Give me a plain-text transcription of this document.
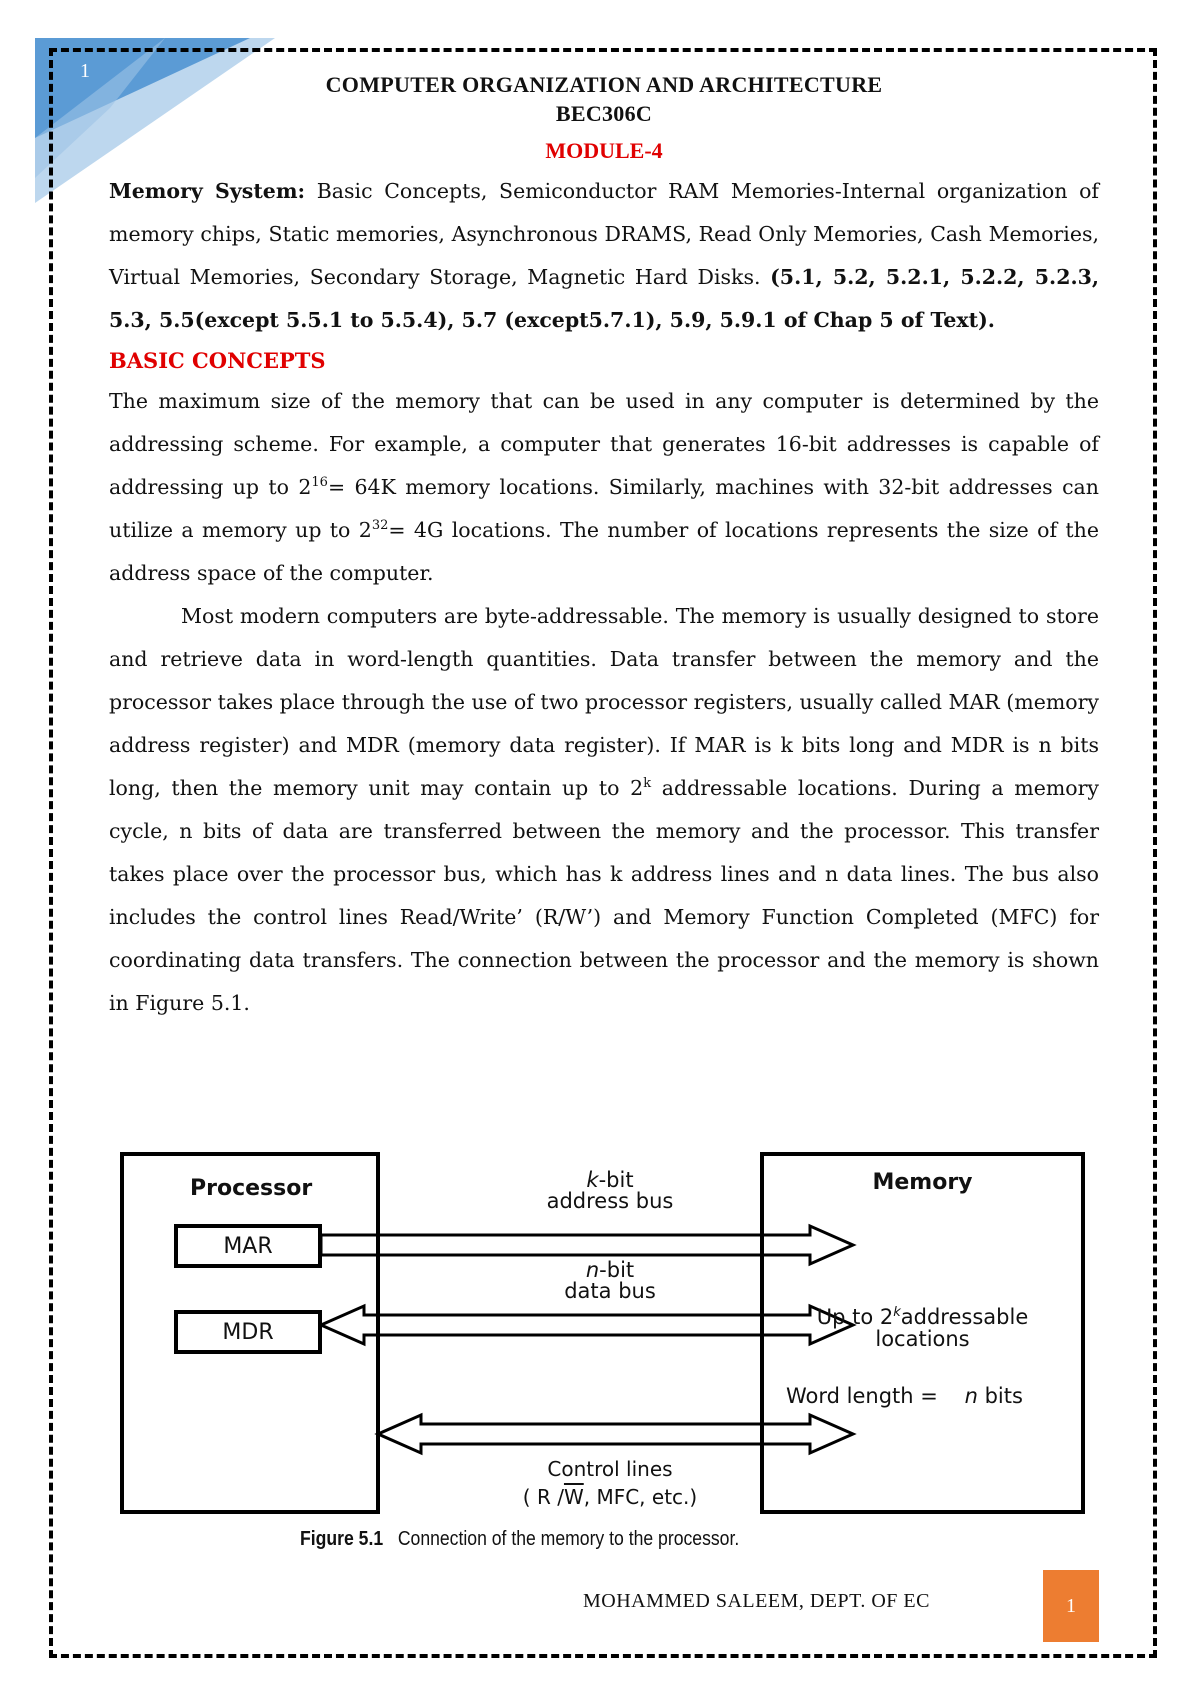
1
COMPUTER ORGANIZATION AND ARCHITECTURE
BEC306C
MODULE-4

Memory System: Basic Concepts, Semiconductor RAM Memories-Internal organization of memory chips, Static memories, Asynchronous DRAMS, Read Only Memories, Cash Memories, Virtual Memories, Secondary Storage, Magnetic Hard Disks. (5.1, 5.2, 5.2.1, 5.2.2, 5.2.3, 5.3, 5.5(except 5.5.1 to 5.5.4), 5.7 (except5.7.1), 5.9, 5.9.1 of Chap 5 of Text).

BASIC CONCEPTS

The maximum size of the memory that can be used in any computer is determined by the addressing scheme. For example, a computer that generates 16-bit addresses is capable of addressing up to $2^{16}= 64K$ memory locations. Similarly, machines with 32-bit addresses can utilize a memory up to $2^{32}= 4G$ locations. The number of locations represents the size of the address space of the computer.

Most modern computers are byte-addressable. The memory is usually designed to store and retrieve data in word-length quantities. Data transfer between the memory and the processor takes place through the use of two processor registers, usually called MAR (memory address register) and MDR (memory data register). If MAR is k bits long and MDR is n bits long, then the memory unit may contain up to 2$^k$ addressable locations. During a memory cycle, n bits of data are transferred between the memory and the processor. This transfer takes place over the processor bus, which has k address lines and n data lines. The bus also includes the control lines Read/Write’ (R/W’) and Memory Function Completed (MFC) for coordinating data transfers. The connection between the processor and the memory is shown in Figure 5.1.

Processor
MAR
MDR
k-bit
address bus
n-bit
data bus
Control lines
( R $/\overline{W}$, MFC, etc.)
Memory
Up to 2$^k$addressable
locations
Word length = n bits
Figure 5.1 Connection of the memory to the processor.
MOHAMMED SALEEM, DEPT. OF EC	1
